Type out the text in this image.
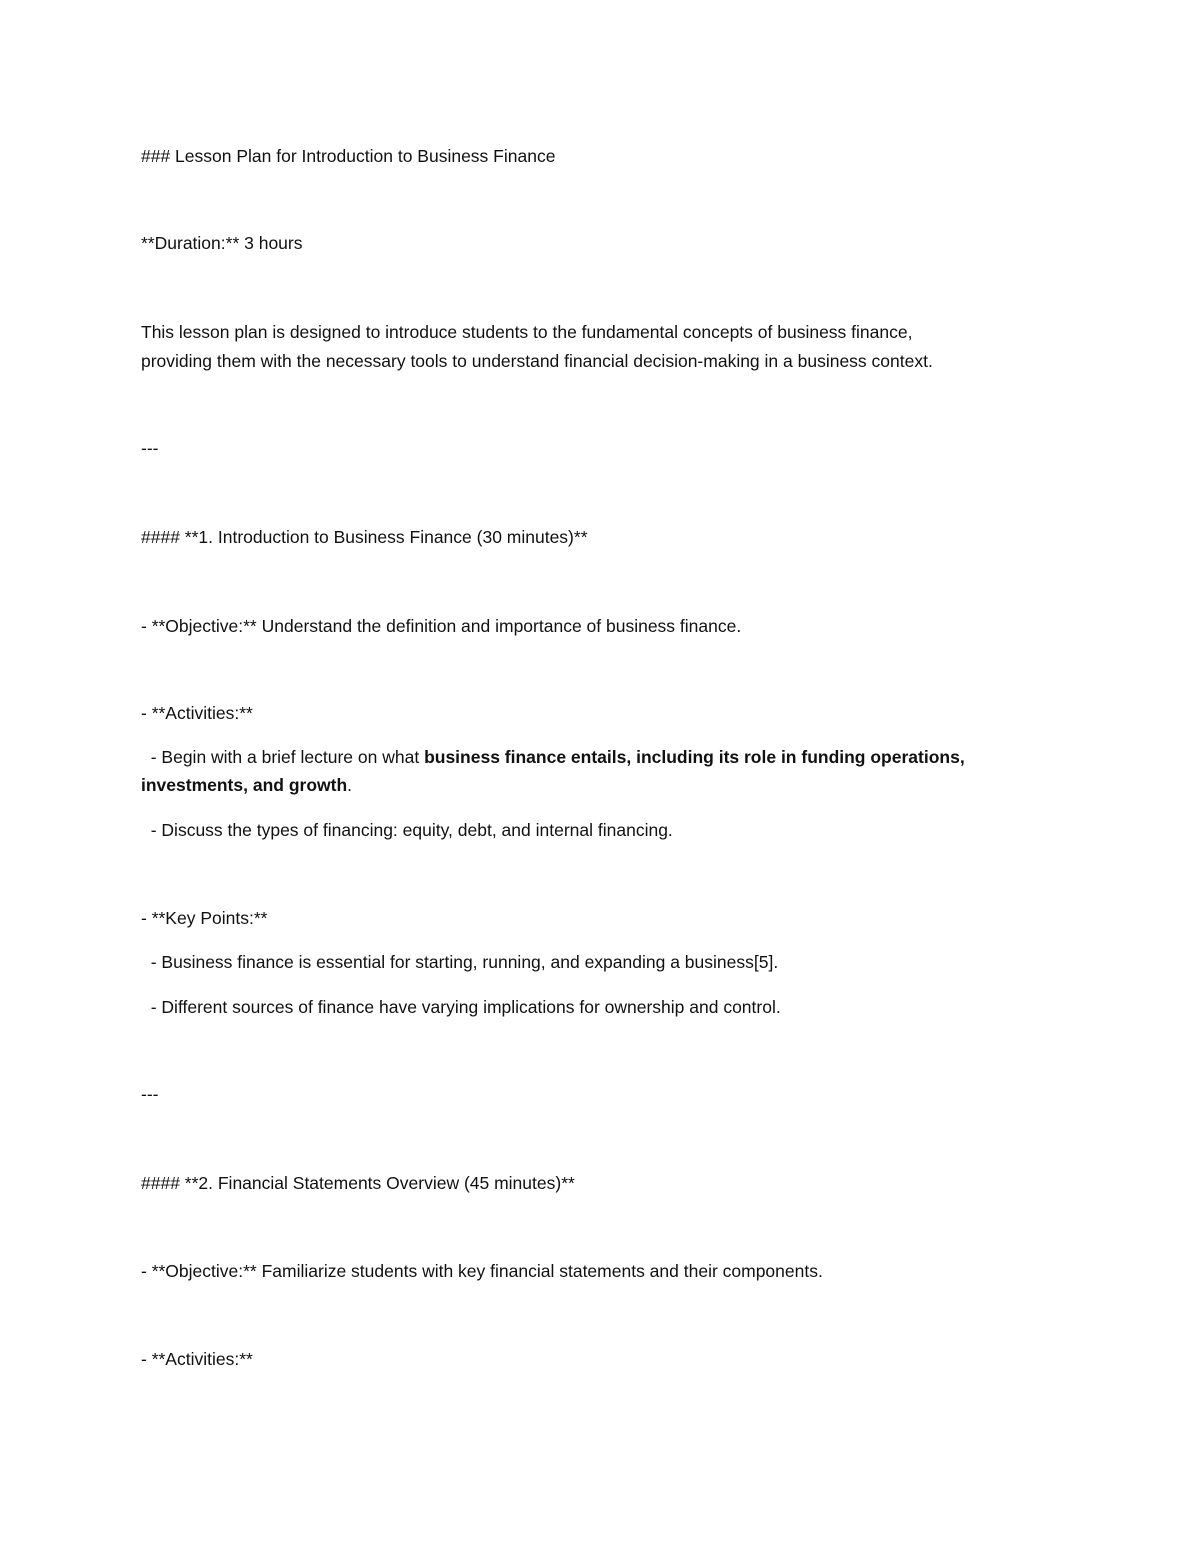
### Lesson Plan for Introduction to Business Finance
**Duration:** 3 hours
This lesson plan is designed to introduce students to the fundamental concepts of business finance,
providing them with the necessary tools to understand financial decision-making in a business context.
---
#### **1. Introduction to Business Finance (30 minutes)**
- **Objective:** Understand the definition and importance of business finance.
- **Activities:**
- Begin with a brief lecture on what business finance entails, including its role in funding operations,
investments, and growth.
- Discuss the types of financing: equity, debt, and internal financing.
- **Key Points:**
- Business finance is essential for starting, running, and expanding a business[5].
- Different sources of finance have varying implications for ownership and control.
---
#### **2. Financial Statements Overview (45 minutes)**
- **Objective:** Familiarize students with key financial statements and their components.
- **Activities:**
